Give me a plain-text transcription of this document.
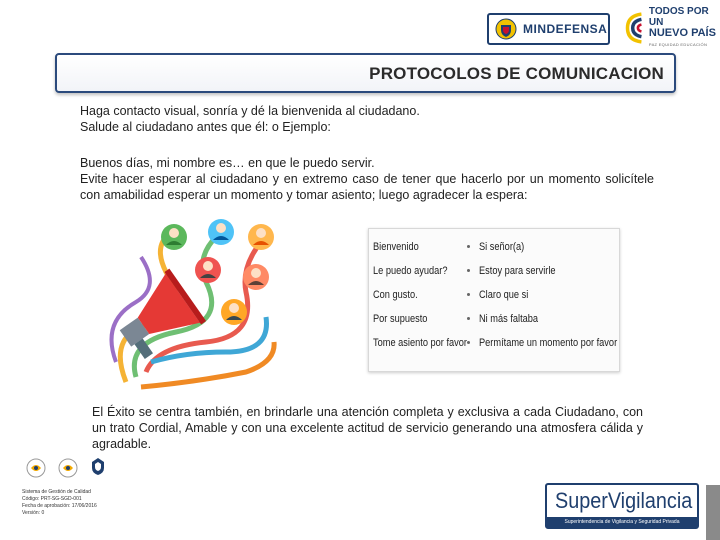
MINDEFENSA
TODOS POR UN
NUEVO PAÍS
PAZ EQUIDAD EDUCACIÓN
PROTOCOLOS DE COMUNICACION
Haga contacto visual, sonría y dé la bienvenida al ciudadano.
Salude al ciudadano antes que él: o Ejemplo:
Buenos días, mi nombre es… en que le puedo servir.
Evite hacer esperar al ciudadano y en extremo caso de tener que hacerlo por un momento solicítele con amabilidad esperar un momento y tomar asiento; luego agradecer la espera:
Bienvenido
Le puedo ayudar?
Con gusto.
Por supuesto
Tome asiento por favor
Si señor(a)
Estoy para servirle
Claro que si
Ni más faltaba
Permítame un momento por favor
El Éxito se centra también, en brindarle una atención completa y exclusiva a cada Ciudadano, con un trato Cordial, Amable y con una excelente actitud de servicio generando una atmosfera cálida y agradable.
Sistema de Gestión de Calidad
Código: PRT-SG-SGD-001
Fecha de aprobación: 17/06/2016
Versión: 0	SuperVigilancia
Superintendencia de Vigilancia y Seguridad Privada
